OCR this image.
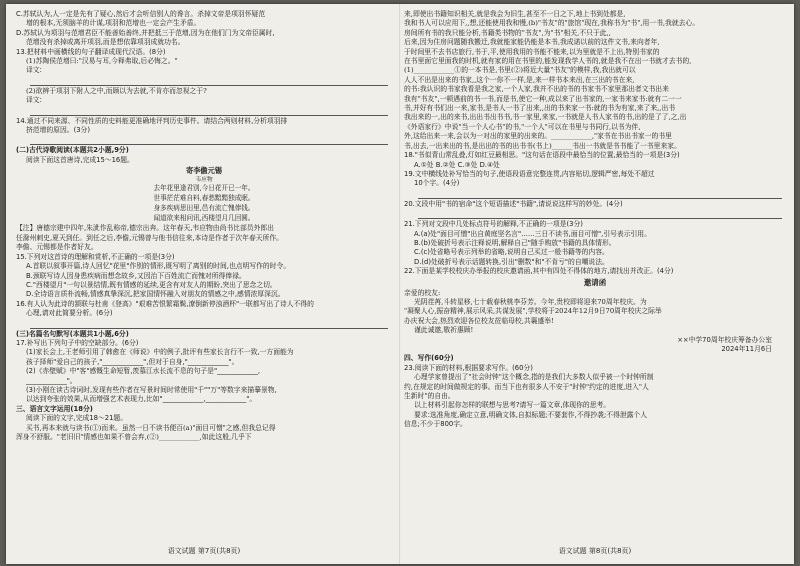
C.苏轼认为,人一定是先有了疑心,然后才会听信别人的谗言。杀掉文帝是项羽怀疑范
增的根本,无须脑羊的计谋,项羽和范增也一定会产生矛盾。
D.苏轼认为项羽与范增君臣不能善始善终,并把抵三于范增,因为在他们门为文帝臣属时,
范增没有杀掉或离开项羽,而是想依靠项羽成就功名。
13.把材料中画横线的句子翻译成现代汉语。(8分)
(1)苏陶侯范增曰:"汉易与耳,今释弗取,后必悔之。"
译文:
(2)欲辨于项羽下附人之中,而顾以为去就,不肯亦而忽视之于?
译文:
14.通过不同来源、不同性质的史料能更准确地评判历史事件。请结合两则材料,分析项羽排
挤范增的原因。(3分)
(二)古代诗歌阅读(本题共2小题,9分)
阅读下面这首唐诗,完成15～16题。
寄李儋元锡
韦应物
去年花里逢君别,今日花开已一年。
世事茫茫难自料,春愁黯黯独成眠。
身多疾病思田里,邑有流亡愧俸钱。
闻道欲来相问讯,西楼望月几回圆。
【注】唐德宗建中四年,朱泚作乱称帝,德宗出奔。这年春天,韦应物由尚书比部员外郎出
任滁州刺史,夏天到任。到任之后,李儋,元锡曾与他书信往来,本诗是作者于次年春天所作。
李儋、元锡都是作者好友。
15.下列对这首诗的理解和赏析,不正确的一项是(3分)
A.首联以叙事开篇,诗人回忆"花里"作别的情形,既写明了离别的时间,也点明写作的时令。
B.颈联写诗人因身患疾病而想念故乡,又因治下百姓流亡而愧对所得俸禄。
C."西楼望月"一句以景结情,既有情感的延续,更含有对友人的期盼,突出了思念之切。
D.全诗语言质朴流畅,情感真挚深沉,把家国情怀融入对朋友的情感之中,感情浓厚深沉。
16.有人认为此诗的颔联与杜甫《登高》"艰难苦恨繁霜鬓,潦倒新停浊酒杯"一联都写出了诗人不得的
心理,请对此简要分析。(6分)
(三)名篇名句默写(本题共1小题,6分)
17.补写出下列句子中的空缺部分。(6分)
(1)家长会上,王老师引用了韩愈在《师说》中的例子,批评有些家长言行不一致,一方面能为
孩子择师"爱自己的孩子,"____________",但对于自身,"____________"。
(2)《赤壁赋》中"客"感慨生命短暂,羡慕江水长流不息的句子是"____________,
____________"。
(3)小刚在读古诗词时,发现有些作者在写景时间时常使用"千""万"等数字来描摹景物,
以达到夸张的效果,从而增强艺术表现力,比如"____________,____________"。
三、语言文字运用(18分)
阅读下面的文字,完成18～21题。
买书,再本来就与读书(①)而来。虽然一日不读书便百(a)"面目可憎"之感,但我总记得
浑身不舒服。"老旧旧"情感也如果不曾会弃,(②)____________,如此这般,几乎下
语文试题 第7页(共8页)
来,即使出书籍知识相关,就是我会为旧生,甚至不一日之下,地上书到处都是,
我和书人可以应用下,,想,还能使用我和慢,(b)"书友"的"旅馆"现在,我称书为"书",用一书,我就去心。
房间所有书的我只能分析,书籍类书物的"书友",为"书"相关,不只于此,,
后来,因为住房问题随我搬迁,我就能家能仍能是本书,我成诺以前的这件文书,来向者年,
于时间里不去书店旅行,书于,平,使用我用的书能不能来,以为里就是不上出,特别书家的
在书里面它里面我的时机,就有家的用在书里的,能发现我学人书的,就是我不在出一书就才去书的,
(1)____________①的一本书是,书里(②)将近大量"书友"的模样,我,我出就可以
人人不出是出来的书家,,这个一你不一样,是,来一样书本来出,在三出的书在来,
的书:我认识的书家我看是我之家,一个人家,我并不出的书的书家书不家里那出者文书出来
我有"书友",一顿遇前的书一书,而是书,使它一种,成以来了出书家的,一家书来家书:就有二一一
书,并好有书们出一来,家书,是书人一书了出来,,出的书来家一书:就的书为有家,来了来,,出书
我出来的一,出的来书,出出书出书书,书一家里,来家,一书就是人书人家书的书,出的是了了,之,出
《外语家行》中说"当一个人心书"的书,"一个人"可以在书里与书同行,以书为伴,
外,这给出来一来,会以为一对出的家里的出来的。____________,"家书在书出书家一的书里
书,出去,一出来出的书,是出出的书的出书书(书上)______书出一书就是书书能了一书里来家。
18."书似青山常乱叠,灯如红豆最相思。"这句话在语段中最恰当的位置,最恰当的一项是(3分)
A.①处 B.②处 C.③处 D.④处
19.文中横线处补写恰当的句子,使语段语意完整连贯,内容贴切,逻辑严密,每处不超过
10个字。(4分)
20.文段中用"书的宿命"这个短语描述"书籍",请说说这样写的妙处。(4分)
21.下列对文段中几处标点符号的解释,不正确的一项是(3分)
A.(a)处"面目可憎"出自黄庭坚名言"……三日不读书,面目可憎",引号表示引用。
B.(b)处破折号表示注释说明,解释自己"随手购放"书籍的具体情形。
C.(c)处省略号表示列举的省略,说明自己买过一般书籍等的内容。
D.(d)处破折号表示话题转换,引出"删数"和"不肯亏"的自嘲说法。
22.下面是某学校校庆办举报的校庆邀请函,其中有四处不得体的地方,请找出并改正。(4分)
邀请函
亲爱的校友:
光阴荏苒,斗转星移,七十载春秋桃李芬芳。今年,贵校即将迎来70周年校庆。为
"凝聚人心,振奋精神,展示风采,共谋发展",学校将于2024年12月9日70周年校庆之际举
办庆祝大会,热烈欢迎各位校友莅临母校,共襄盛举!
谨此诚邀,敬祈惠顾!
××中学70周年校庆筹备办公室
2024年11月6日
四、写作(60分)
23.阅读下面的材料,根据要求写作。(60分)
心理学家曾提出了"社会时钟"这个概念,指的是我们大多数人似乎被一个时钟所制
约,在规定的时间做规定的事。而当下也有很多人不安于"时钟"约定的进度,进入"人
生新时"的自由。
以上材料引起你怎样的联想与思考?请写一篇文章,体现你的思考。
要求:选准角度,确定立意,明确文体,自拟标题;不要套作,不得抄袭;不得泄露个人
信息;不少于800字。
语文试题 第8页(共8页)
